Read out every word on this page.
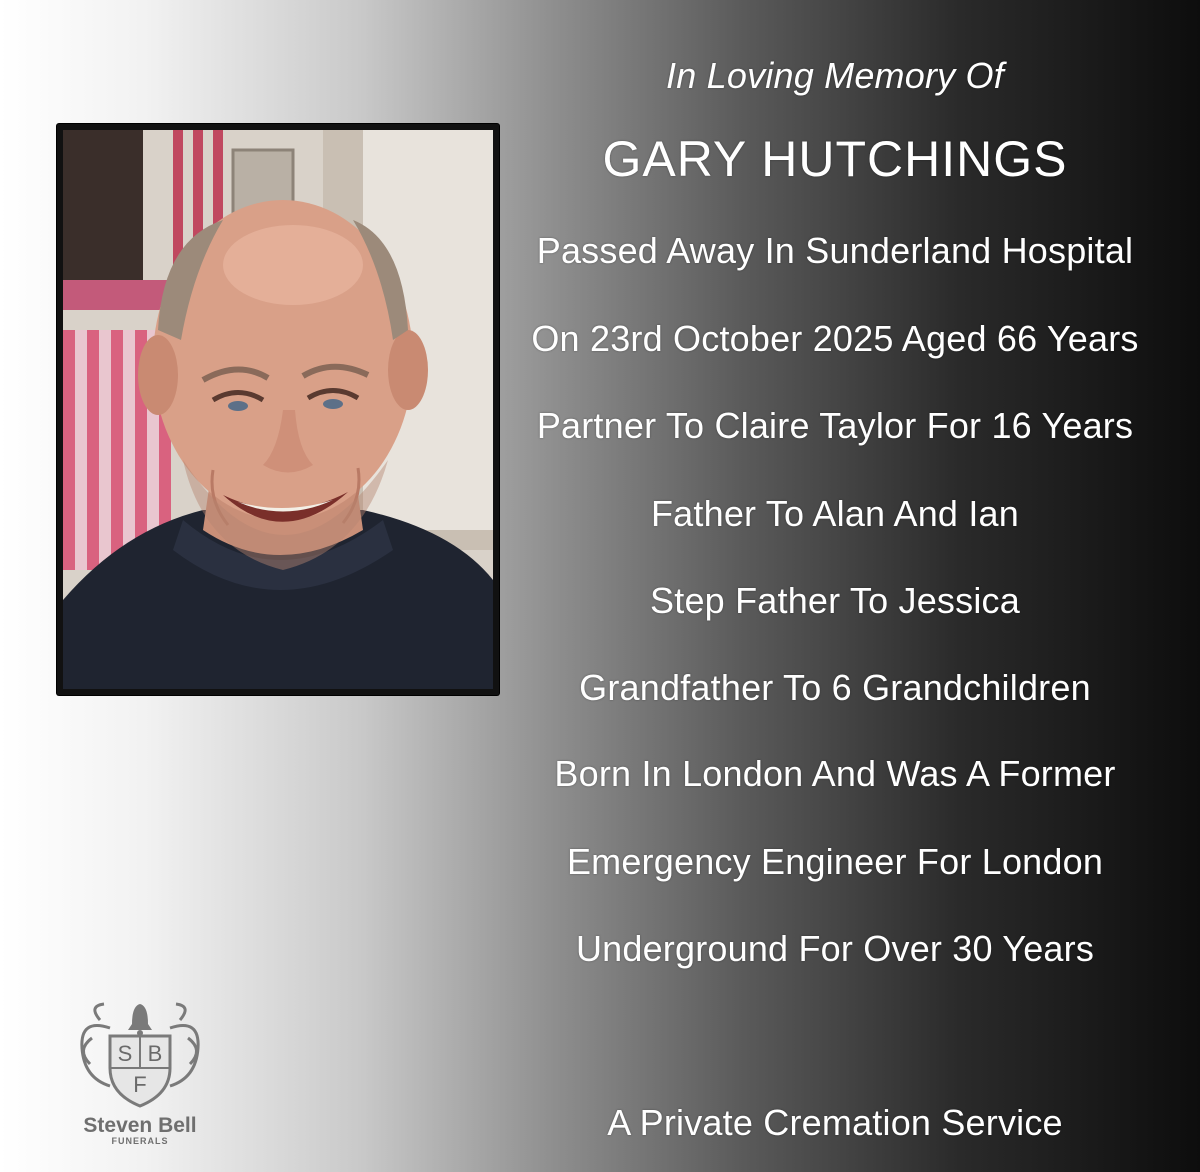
In Loving Memory Of
GARY HUTCHINGS
Passed Away In Sunderland Hospital
On 23rd October 2025 Aged 66 Years
Partner To Claire Taylor For 16 Years
Father To Alan And Ian
Step Father To Jessica
Grandfather To 6 Grandchildren
Born In London And Was A Former
Emergency Engineer For London
Underground For Over 30 Years
A Private Cremation Service
S B
F
Steven Bell
FUNERALS
